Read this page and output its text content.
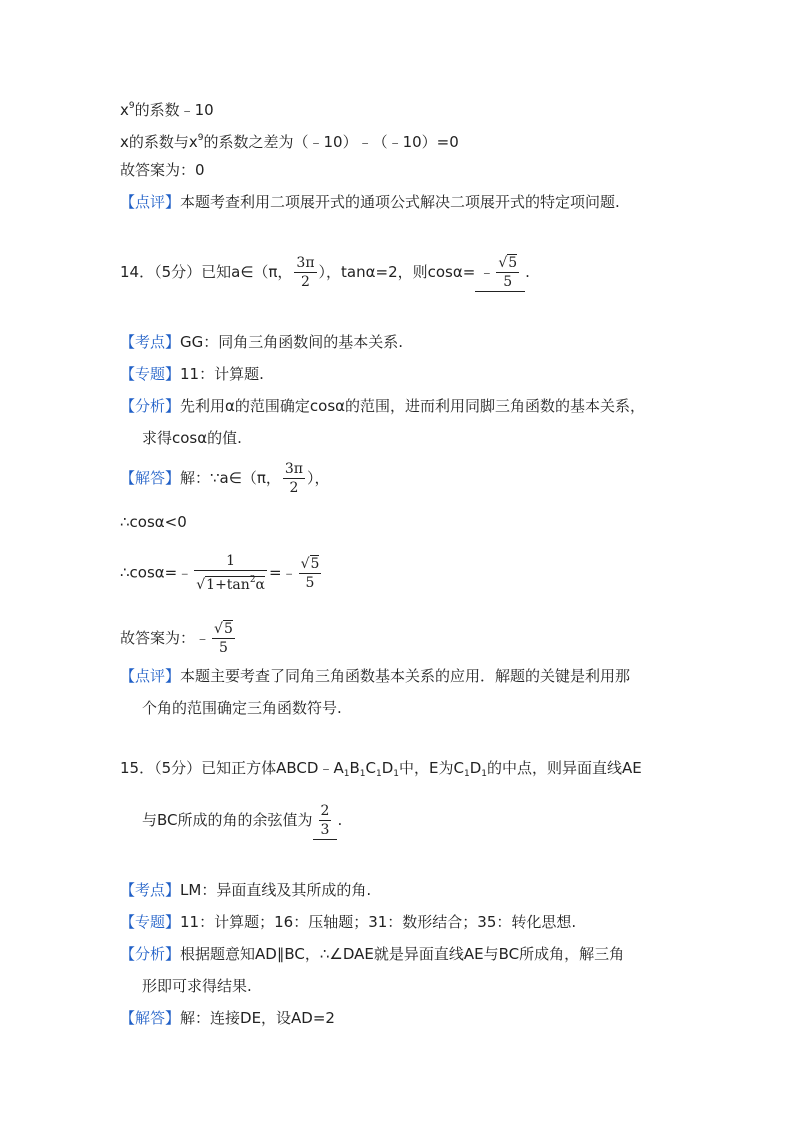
$x^9$的系数﹣10
x的系数与$x^9$的系数之差为（﹣10）﹣（﹣10）=0
故答案为：0
【点评】本题考查利用二项展开式的通项公式解决二项展开式的特定项问题.
14．（5分）已知a∈（π， $\frac{3\pi}{2}$ ），tanα=2，则cosα= ﹣ $\frac{√5}{5}$ .
【考点】GG：同角三角函数间的基本关系.
【专题】11：计算题.
【分析】先利用α的范围确定cosα的范围，进而利用同脚三角函数的基本关系，
求得cosα的值.
【解答】解：∵a∈（π， $\frac{3\pi}{2}$ ），
∴cosα<0
∴cosα=﹣ $\frac{1}{√1+\tan^2\alpha}$ =﹣ $\frac{√5}{5}$
故答案为：﹣ $\frac{√5}{5}$
【点评】本题主要考查了同角三角函数基本关系的应用．解题的关键是利用那
个角的范围确定三角函数符号.
15．（5分）已知正方体$ABCD﹣A_1B_1C_1D_1$中，E为$C_1D_1$的中点，则异面直线AE
与BC所成的角的余弦值为 $\frac{2}{3}$ .
【考点】LM：异面直线及其所成的角.
【专题】11：计算题；16：压轴题；31：数形结合；35：转化思想.
【分析】根据题意知AD∥BC，∴∠DAE就是异面直线AE与BC所成角，解三角
形即可求得结果.
【解答】解：连接DE，设AD=2
